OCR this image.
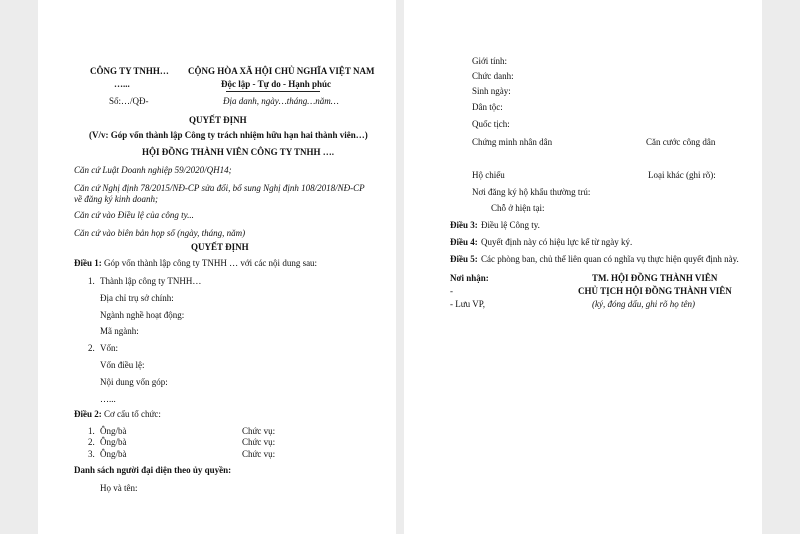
CÔNG TY TNHH…
…...
CỘNG HÒA XÃ HỘI CHỦ NGHĨA VIỆT NAM
Độc lập - Tự do - Hạnh phúc
Số:…/QĐ-	Địa danh, ngày…tháng…năm…
QUYẾT ĐỊNH
(V/v: Góp vốn thành lập Công ty trách nhiệm hữu hạn hai thành viên…)
HỘI ĐỒNG THÀNH VIÊN CÔNG TY TNHH ….
Căn cứ Luật Doanh nghiệp 59/2020/QH14;
Căn cứ Nghị định 78/2015/NĐ-CP sửa đổi, bổ sung Nghị định 108/2018/NĐ-CP về đăng ký kinh doanh;
Căn cứ vào Điều lệ của công ty...
Căn cứ vào biên bản họp số (ngày, tháng, năm)
QUYẾT ĐỊNH
Điều 1: Góp vốn thành lập công ty TNHH … với các nội dung sau:
1. Thành lập công ty TNHH…
Địa chỉ trụ sở chính:
Ngành nghề hoạt động:
Mã ngành:
2. Vốn:
Vốn điều lệ:
Nội dung vốn góp:
…...
Điều 2: Cơ cấu tổ chức:
1. Ông/bà	Chức vụ:
2. Ông/bà	Chức vụ:
3. Ông/bà	Chức vụ:
Danh sách người đại diện theo ủy quyền:
Họ và tên:
Giới tính:
Chức danh:
Sinh ngày:
Dân tộc:
Quốc tịch:
Chứng minh nhân dân	Căn cước công dân
Hộ chiếu	Loại khác (ghi rõ):
Nơi đăng ký hộ khẩu thường trú:
Chỗ ở hiện tại:
Điều 3: Điều lệ Công ty.
Điều 4: Quyết định này có hiệu lực kể từ ngày ký.
Điều 5: Các phòng ban, chủ thể liên quan có nghĩa vụ thực hiện quyết định này.
Nơi nhận:
-
- Lưu VP,
TM. HỘI ĐỒNG THÀNH VIÊN
CHỦ TỊCH HỘI ĐỒNG THÀNH VIÊN
(ký, đóng dấu, ghi rõ họ tên)
